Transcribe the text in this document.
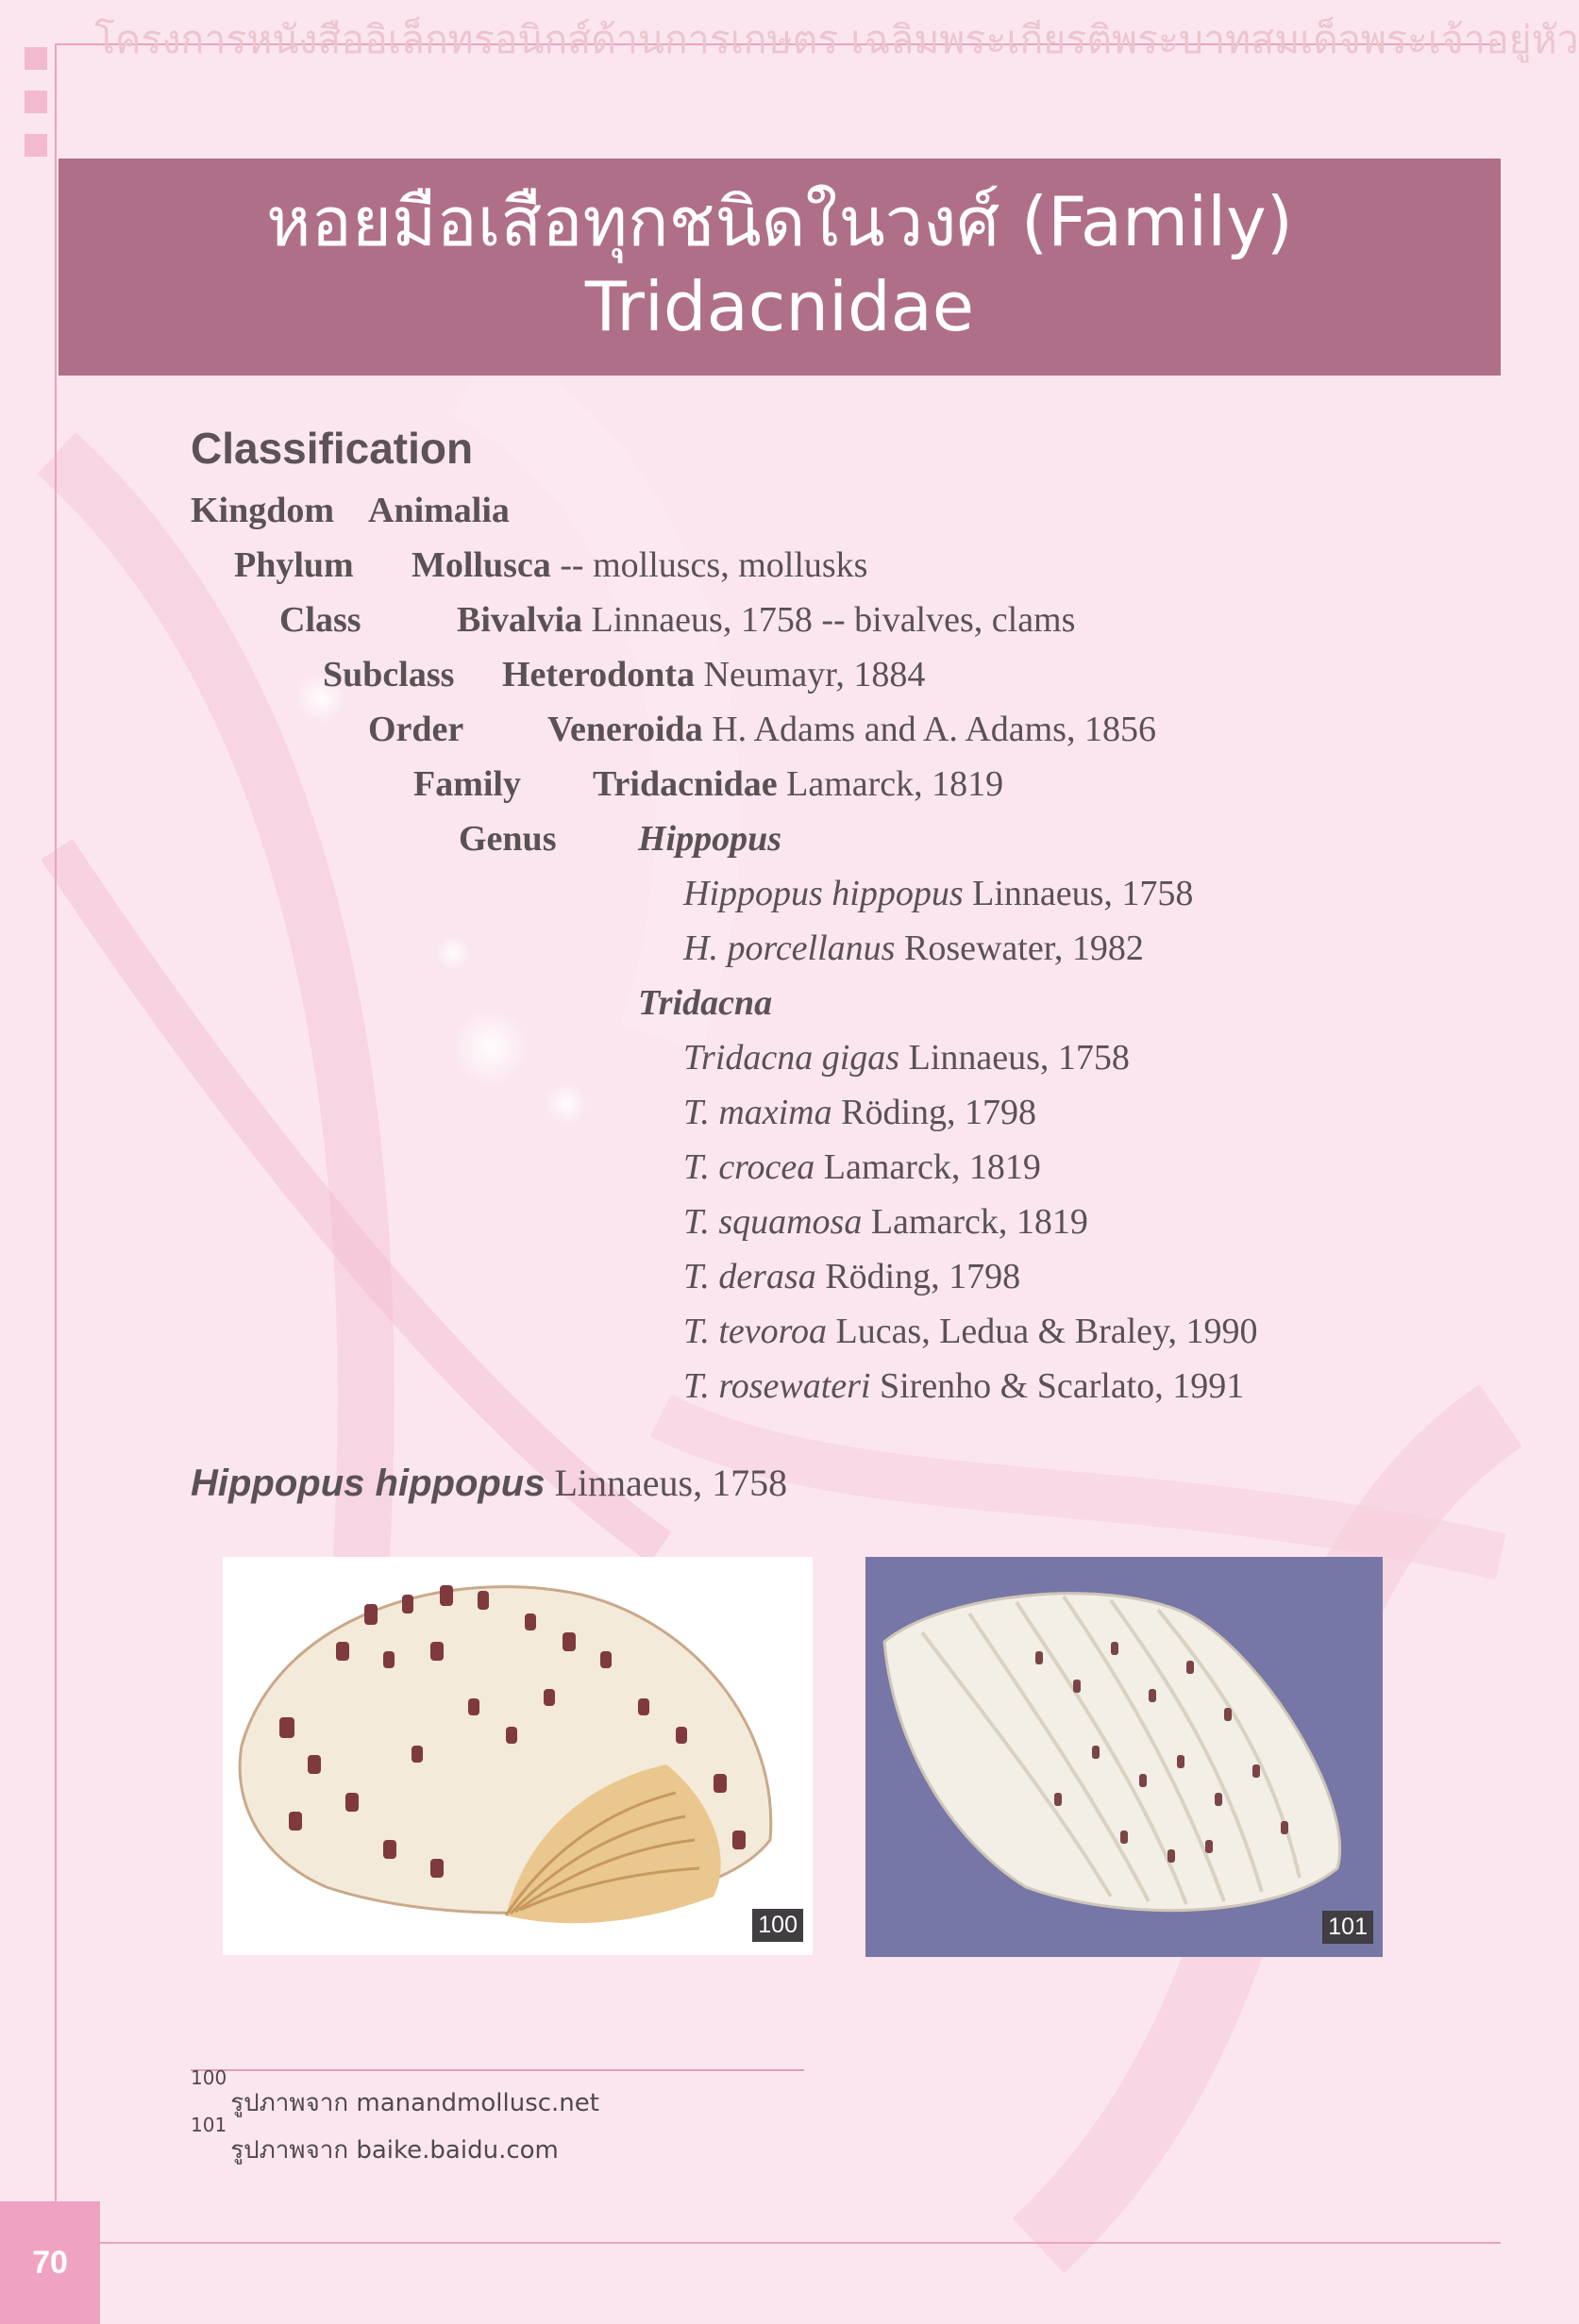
โครงการหนังสืออิเล็กทรอนิกส์ด้านการเกษตร เฉลิมพระเกียรติพระบาทสมเด็จพระเจ้าอยู่หัว
หอยมือเสือทุกชนิดในวงศ์ (Family)
Tridacnidae
Classification
Kingdom Animalia
Phylum Mollusca -- molluscs, mollusks
Class	Bivalvia Linnaeus, 1758 -- bivalves, clams
Subclass Heterodonta Neumayr, 1884
Order Veneroida H. Adams and A. Adams, 1856
Family Tridacnidae Lamarck, 1819
Genus Hippopus
Hippopus hippopus Linnaeus, 1758
H. porcellanus Rosewater, 1982
Tridacna
Tridacna gigas Linnaeus, 1758
T. maxima Röding, 1798
T. crocea Lamarck, 1819
T. squamosa Lamarck, 1819
T. derasa Röding, 1798
T. tevoroa Lucas, Ledua & Braley, 1990
T. rosewateri Sirenho & Scarlato, 1991
Hippopus hippopus Linnaeus, 1758
100	101
$^{100}$รูปภาพจาก manandmollusc.net
$^{101}$รูปภาพจาก baike.baidu.com
70
